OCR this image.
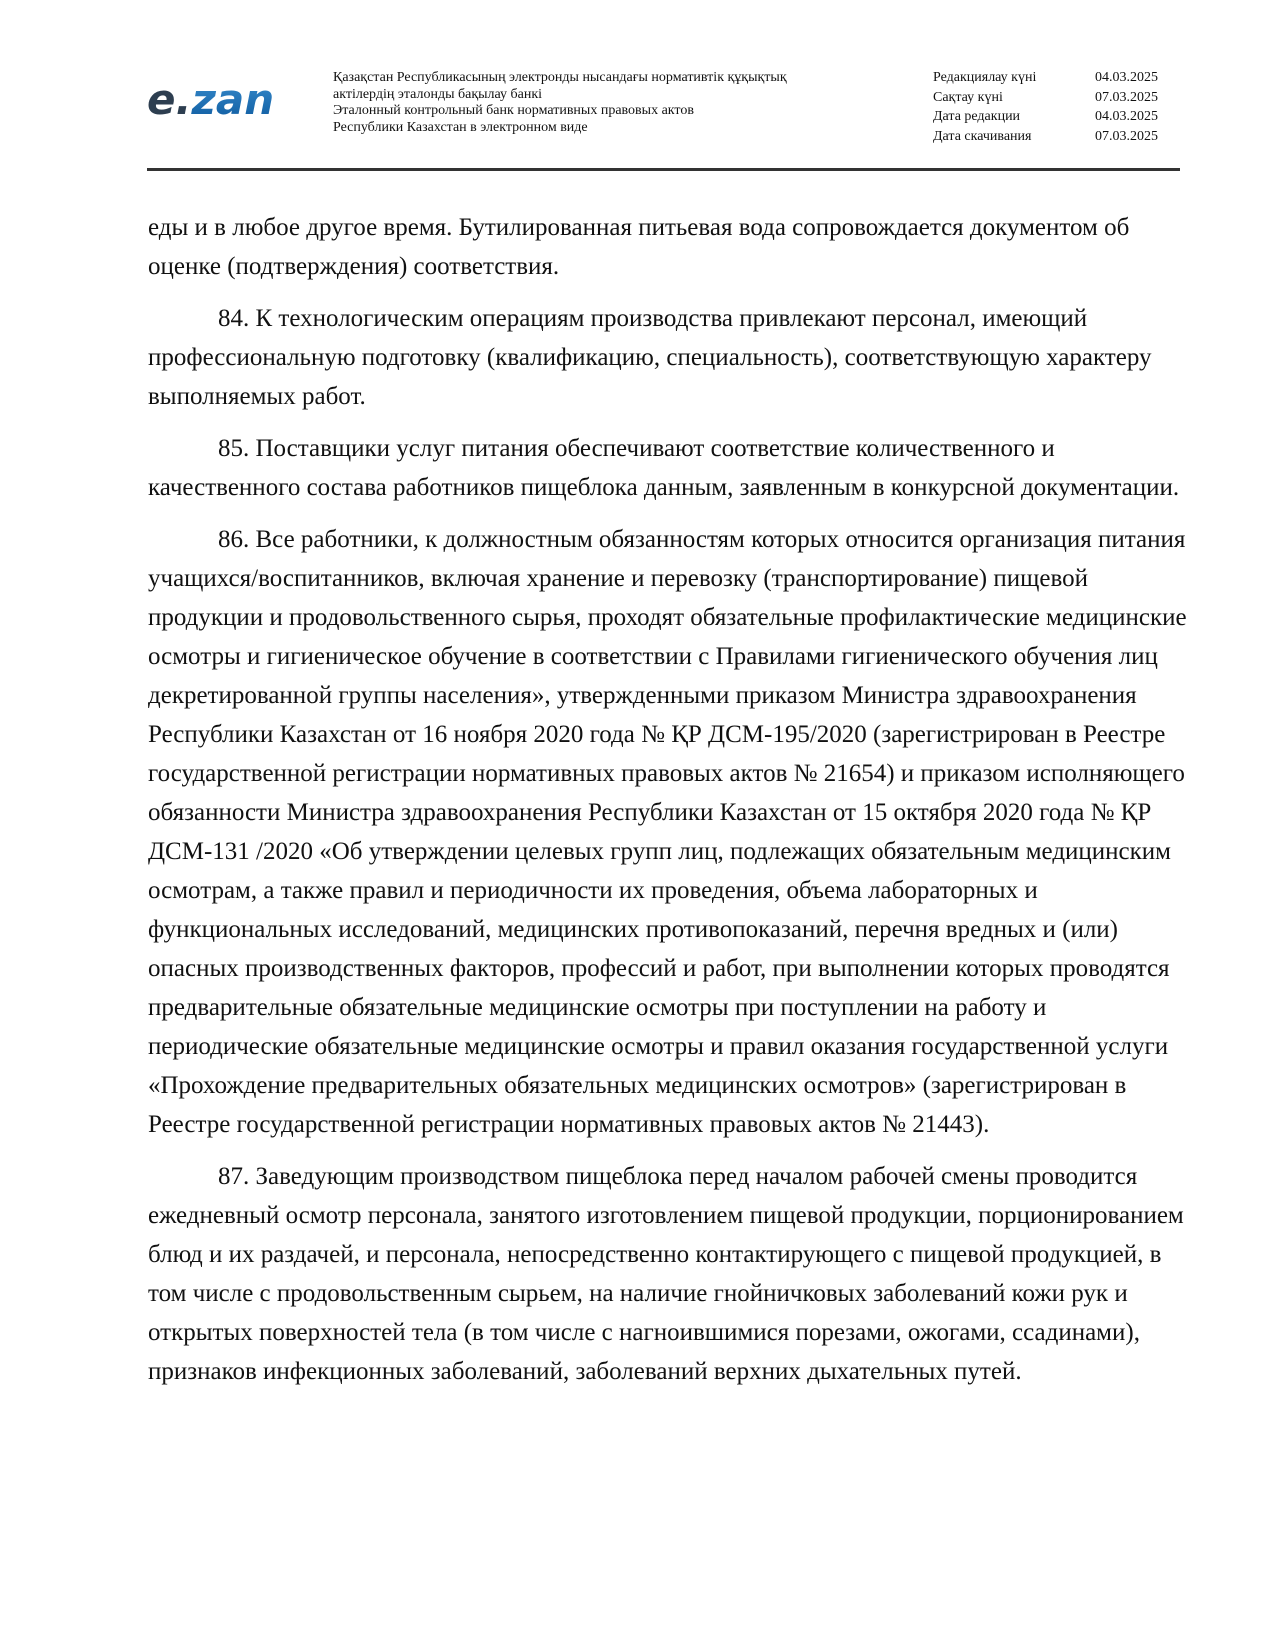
e.zan	Қазақстан Республикасының электронды нысандағы нормативтік құқықтық
актілердің эталонды бақылау банкі
Эталонный контрольный банк нормативных правовых актов
Республики Казахстан в электронном виде
Редакциялау күні	04.03.2025
Сақтау күні	07.03.2025
Дата редакции	04.03.2025
Дата скачивания	07.03.2025

еды и в любое другое время. Бутилированная питьевая вода сопровождается документом об оценке (подтверждения) соответствия.

84. К технологическим операциям производства привлекают персонал, имеющий профессиональную подготовку (квалификацию, специальность), соответствующую характеру выполняемых работ.

85. Поставщики услуг питания обеспечивают соответствие количественного и качественного состава работников пищеблока данным, заявленным в конкурсной документации.

86. Все работники, к должностным обязанностям которых относится организация питания учащихся/воспитанников, включая хранение и перевозку (транспортирование) пищевой продукции и продовольственного сырья, проходят обязательные профилактические медицинские осмотры и гигиеническое обучение в соответствии с Правилами гигиенического обучения лиц декретированной группы населения», утвержденными приказом Министра здравоохранения Республики Казахстан от 16 ноября 2020 года № ҚР ДСМ-195/2020 (зарегистрирован в Реестре государственной регистрации нормативных правовых актов № 21654) и приказом исполняющего обязанности Министра здравоохранения Республики Казахстан от 15 октября 2020 года № ҚР ДСМ-131 /2020 «Об утверждении целевых групп лиц, подлежащих обязательным медицинским осмотрам, а также правил и периодичности их проведения, объема лабораторных и функциональных исследований, медицинских противопоказаний, перечня вредных и (или) опасных производственных факторов, профессий и работ, при выполнении которых проводятся предварительные обязательные медицинские осмотры при поступлении на работу и периодические обязательные медицинские осмотры и правил оказания государственной услуги «Прохождение предварительных обязательных медицинских осмотров» (зарегистрирован в Реестре государственной регистрации нормативных правовых актов № 21443).

87. Заведующим производством пищеблока перед началом рабочей смены проводится ежедневный осмотр персонала, занятого изготовлением пищевой продукции, порционированием блюд и их раздачей, и персонала, непосредственно контактирующего с пищевой продукцией, в том числе с продовольственным сырьем, на наличие гнойничковых заболеваний кожи рук и открытых поверхностей тела (в том числе с нагноившимися порезами, ожогами, ссадинами), признаков инфекционных заболеваний, заболеваний верхних дыхательных путей.
